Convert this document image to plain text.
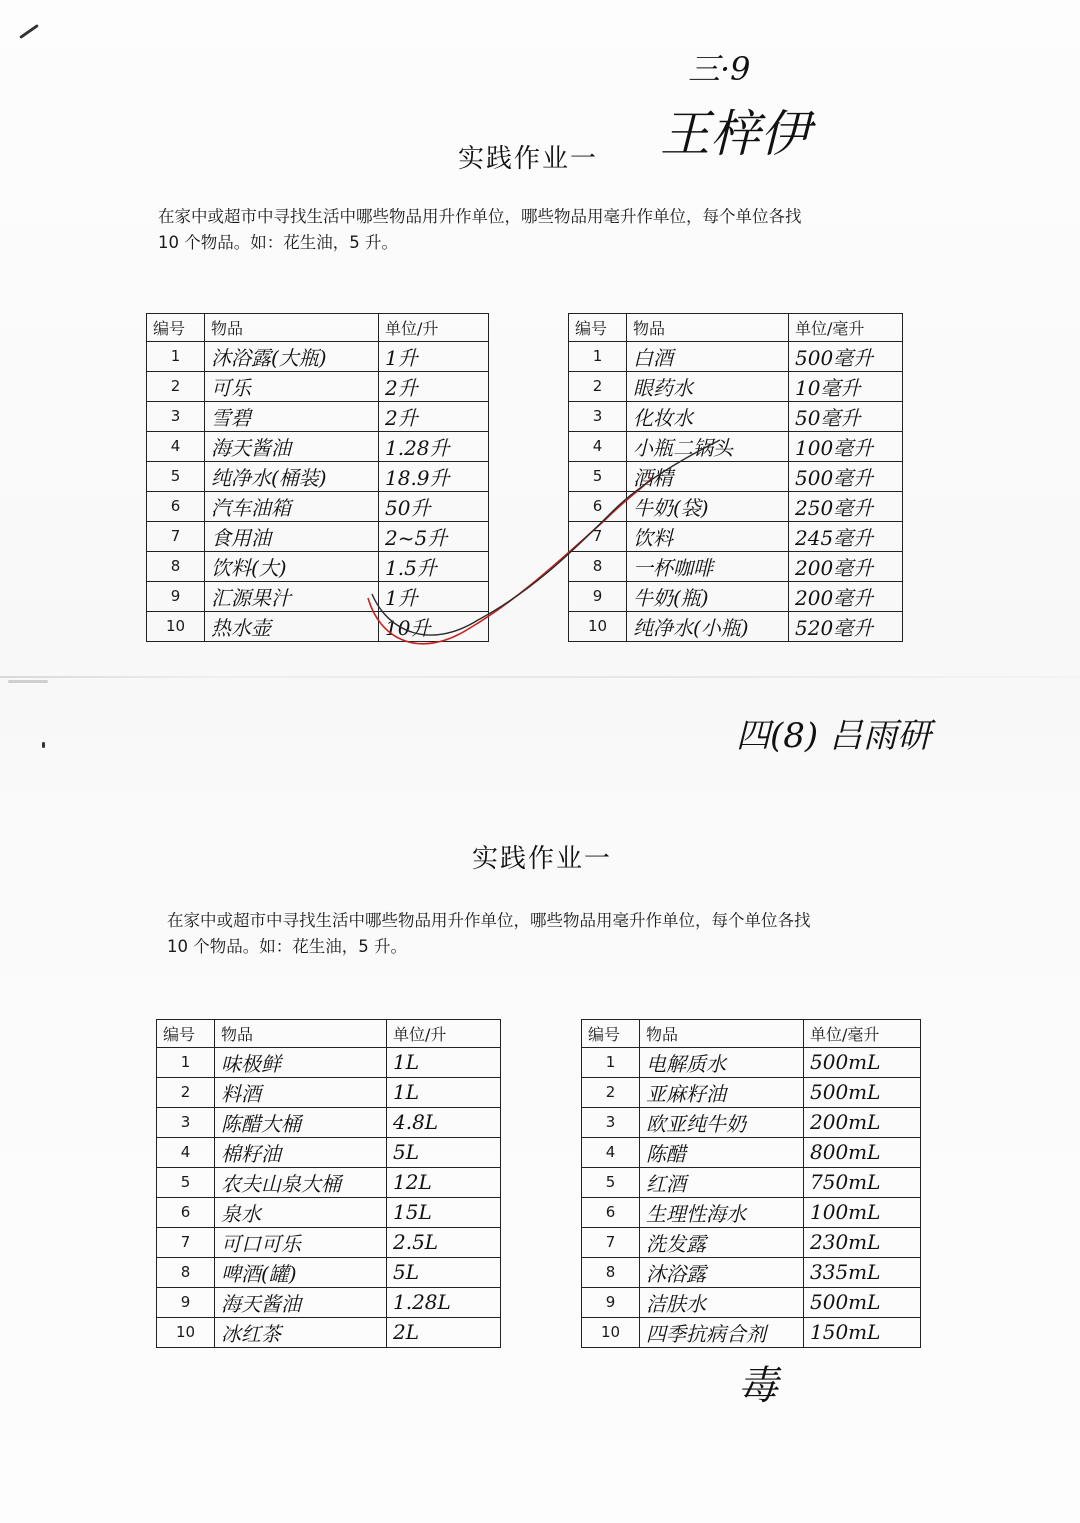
三·9
王梓伊
实践作业一
在家中或超市中寻找生活中哪些物品用升作单位，哪些物品用毫升作单位，每个单位各找
10 个物品。如：花生油，5 升。
编号	物品	单位/升
1	沐浴露(大瓶)	1升
2	可乐	2升
3	雪碧	2升
4	海天酱油	1.28升
5	纯净水(桶装)	18.9升
6	汽车油箱	50升
7	食用油	2~5升
8	饮料(大)	1.5升
9	汇源果汁	1升
10	热水壶	10升
编号	物品	单位/毫升
1	白酒	500毫升
2	眼药水	10毫升
3	化妆水	50毫升
4	小瓶二锅头	100毫升
5	酒精	500毫升
6	牛奶(袋)	250毫升
7	饮料	245毫升
8	一杯咖啡	200毫升
9	牛奶(瓶)	200毫升
10	纯净水(小瓶)	520毫升
四(8) 吕雨研
实践作业一
在家中或超市中寻找生活中哪些物品用升作单位，哪些物品用毫升作单位，每个单位各找
10 个物品。如：花生油，5 升。
编号	物品	单位/升
1	味极鲜	1L
2	料酒	1L
3	陈醋大桶	4.8L
4	棉籽油	5L
5	农夫山泉大桶	12L
6	泉水	15L
7	可口可乐	2.5L
8	啤酒(罐)	5L
9	海天酱油	1.28L
10	冰红茶	2L
编号	物品	单位/毫升
1	电解质水	500mL
2	亚麻籽油	500mL
3	欧亚纯牛奶	200mL
4	陈醋	800mL
5	红酒	750mL
6	生理性海水	100mL
7	洗发露	230mL
8	沐浴露	335mL
9	洁肤水	500mL
10	四季抗病合剂	150mL
毒
